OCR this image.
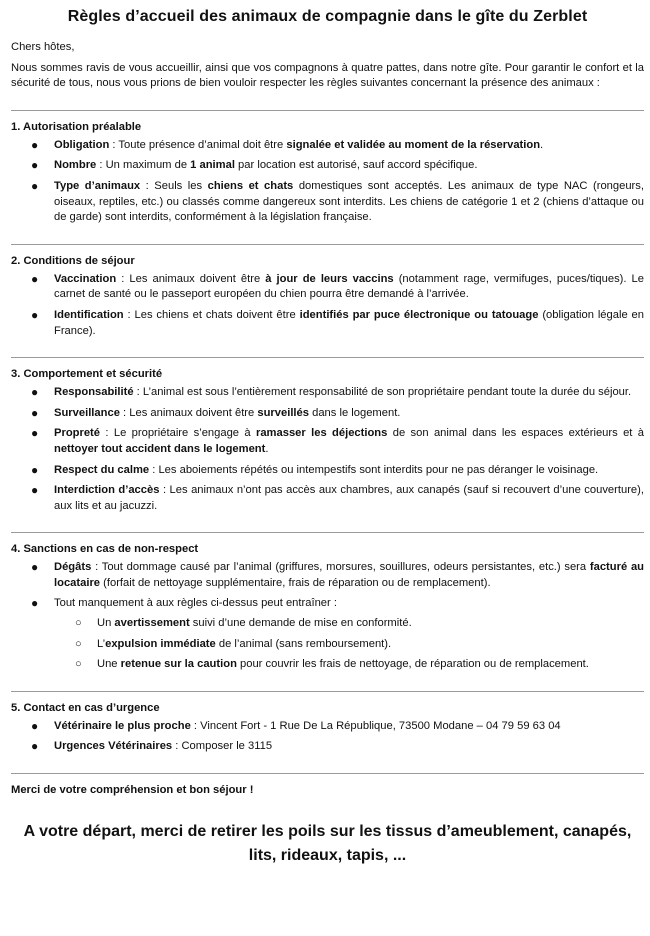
Règles d’accueil des animaux de compagnie dans le gîte du Zerblet

Chers hôtes,

Nous sommes ravis de vous accueillir, ainsi que vos compagnons à quatre pattes, dans notre gîte. Pour garantir le confort et la sécurité de tous, nous vous prions de bien vouloir respecter les règles suivantes concernant la présence des animaux :

1. Autorisation préalable
● Obligation : Toute présence d’animal doit être signalée et validée au moment de la réservation.
● Nombre : Un maximum de 1 animal par location est autorisé, sauf accord spécifique.
● Type d’animaux : Seuls les chiens et chats domestiques sont acceptés. Les animaux de type NAC (rongeurs, oiseaux, reptiles, etc.) ou classés comme dangereux sont interdits. Les chiens de catégorie 1 et 2 (chiens d’attaque ou de garde) sont interdits, conformément à la législation française.
2. Conditions de séjour
● Vaccination : Les animaux doivent être à jour de leurs vaccins (notamment rage, vermifuges, puces/tiques). Le carnet de santé ou le passeport européen du chien pourra être demandé à l’arrivée.
● Identification : Les chiens et chats doivent être identifiés par puce électronique ou tatouage (obligation légale en France).
3. Comportement et sécurité
● Responsabilité : L’animal est sous l’entièrement responsabilité de son propriétaire pendant toute la durée du séjour.
● Surveillance : Les animaux doivent être surveillés dans le logement.
● Propreté : Le propriétaire s’engage à ramasser les déjections de son animal dans les espaces extérieurs et à nettoyer tout accident dans le logement.
● Respect du calme : Les aboiements répétés ou intempestifs sont interdits pour ne pas déranger le voisinage.
● Interdiction d’accès : Les animaux n’ont pas accès aux chambres, aux canapés (sauf si recouvert d’une couverture), aux lits et au jacuzzi.
4. Sanctions en cas de non-respect
● Dégâts : Tout dommage causé par l’animal (griffures, morsures, souillures, odeurs persistantes, etc.) sera facturé au locataire (forfait de nettoyage supplémentaire, frais de réparation ou de remplacement).
● Tout manquement à aux règles ci-dessus peut entraîner :
○ Un avertissement suivi d’une demande de mise en conformité.
○ L’expulsion immédiate de l’animal (sans remboursement).
○ Une retenue sur la caution pour couvrir les frais de nettoyage, de réparation ou de remplacement.
5. Contact en cas d’urgence
● Vétérinaire le plus proche : Vincent Fort - 1 Rue De La République, 73500 Modane – 04 79 59 63 04
● Urgences Vétérinaires : Composer le 3115

Merci de votre compréhension et bon séjour !

A votre départ, merci de retirer les poils sur les tissus d’ameublement, canapés, lits, rideaux, tapis, ...
